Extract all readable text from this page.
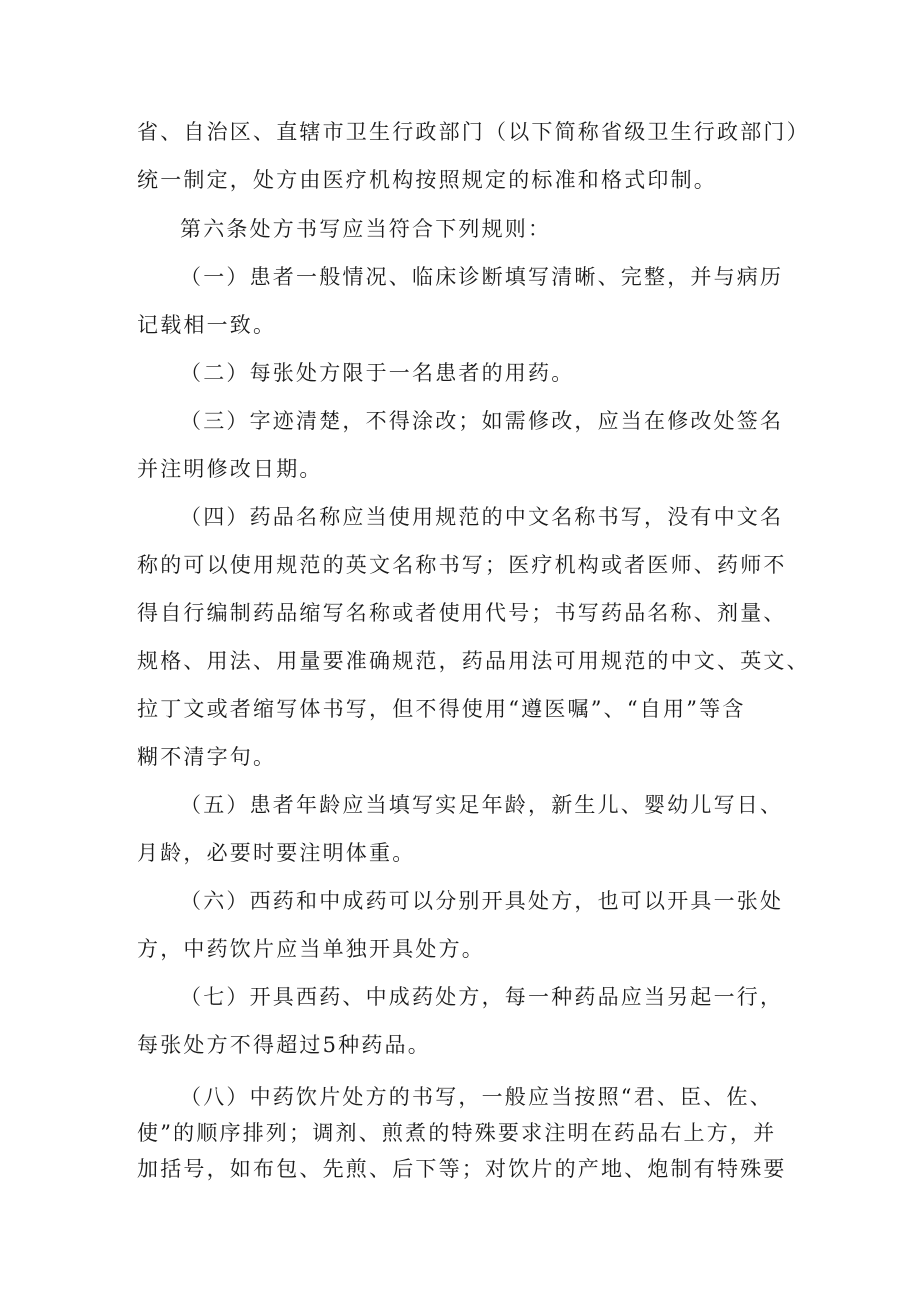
省、自治区、直辖市卫生行政部门（以下简称省级卫生行政部门）
统一制定，处方由医疗机构按照规定的标准和格式印制。
第六条处方书写应当符合下列规则：
（一）患者一般情况、临床诊断填写清晰、完整，并与病历
记载相一致。
（二）每张处方限于一名患者的用药。
（三）字迹清楚，不得涂改；如需修改，应当在修改处签名
并注明修改日期。
（四）药品名称应当使用规范的中文名称书写，没有中文名
称的可以使用规范的英文名称书写；医疗机构或者医师、药师不
得自行编制药品缩写名称或者使用代号；书写药品名称、剂量、
规格、用法、用量要准确规范，药品用法可用规范的中文、英文、
拉丁文或者缩写体书写，但不得使用“遵医嘱”、“自用”等含
糊不清字句。
（五）患者年龄应当填写实足年龄，新生儿、婴幼儿写日、
月龄，必要时要注明体重。
（六）西药和中成药可以分别开具处方，也可以开具一张处
方，中药饮片应当单独开具处方。
（七）开具西药、中成药处方，每一种药品应当另起一行，
每张处方不得超过5种药品。
（八）中药饮片处方的书写，一般应当按照“君、臣、佐、
使”的顺序排列；调剂、煎煮的特殊要求注明在药品右上方，并
加括号，如布包、先煎、后下等；对饮片的产地、炮制有特殊要
